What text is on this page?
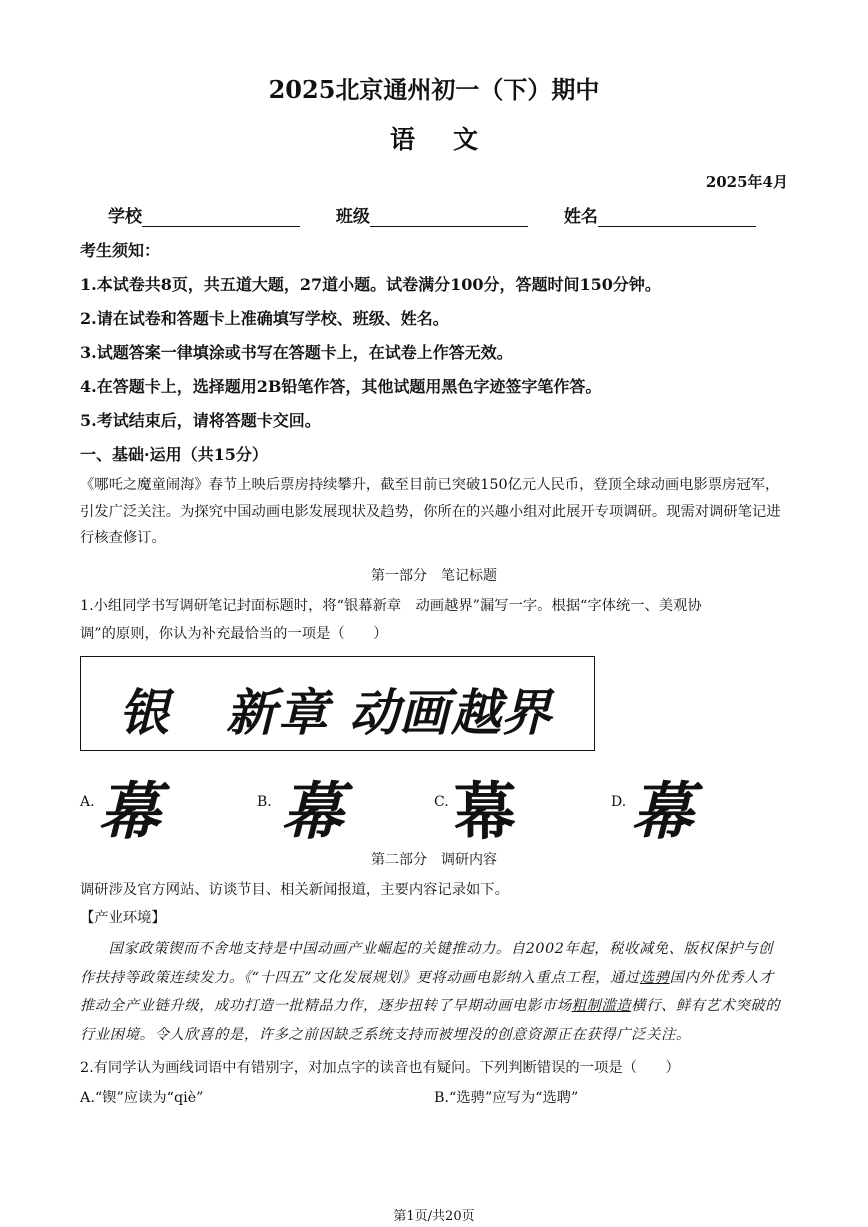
2025北京通州初一（下）期中
语文
2025年4月
学校	班级	姓名
考生须知：
1.本试卷共8页，共五道大题，27道小题。试卷满分100分，答题时间150分钟。
2.请在试卷和答题卡上准确填写学校、班级、姓名。
3.试题答案一律填涂或书写在答题卡上，在试卷上作答无效。
4.在答题卡上，选择题用2B铅笔作答，其他试题用黑色字迹签字笔作答。
5.考试结束后，请将答题卡交回。
一、基础·运用（共15分）
《哪吒之魔童闹海》春节上映后票房持续攀升，截至目前已突破150亿元人民币，登顶全球动画电影票房冠军，引发广泛关注。为探究中国动画电影发展现状及趋势，你所在的兴趣小组对此展开专项调研。现需对调研笔记进行核查修订。
第一部分　笔记标题
1.小组同学书写调研笔记封面标题时，将“银幕新章　动画越界”漏写一字。根据“字体统一、美观协
调”的原则，你认为补充最恰当的一项是（　　）
银 新 章 动 画 越 界
A. 幕	B. 幕	C. 幕	D. 幕
第二部分　调研内容
调研涉及官方网站、访谈节目、相关新闻报道，主要内容记录如下。
【产业环境】
国家政策锲而不舍地支持是中国动画产业崛起的关键推动力。自2002年起，税收减免、版权保护与创作扶持等政策连续发力。《“十四五”文化发展规划》更将动画电影纳入重点工程，通过选骋国内外优秀人才推动全产业链升级，成功打造一批精品力作，逐步扭转了早期动画电影市场粗制滥造横行、鲜有艺术突破的行业困境。令人欣喜的是，许多之前因缺乏系统支持而被埋没的创意资源正在获得广泛关注。
2.有同学认为画线词语中有错别字，对加点字的读音也有疑问。下列判断错误的一项是（　　）
A.“锲”应读为“qiè”	B.“选骋”应写为“选聘”
第1页/共20页
